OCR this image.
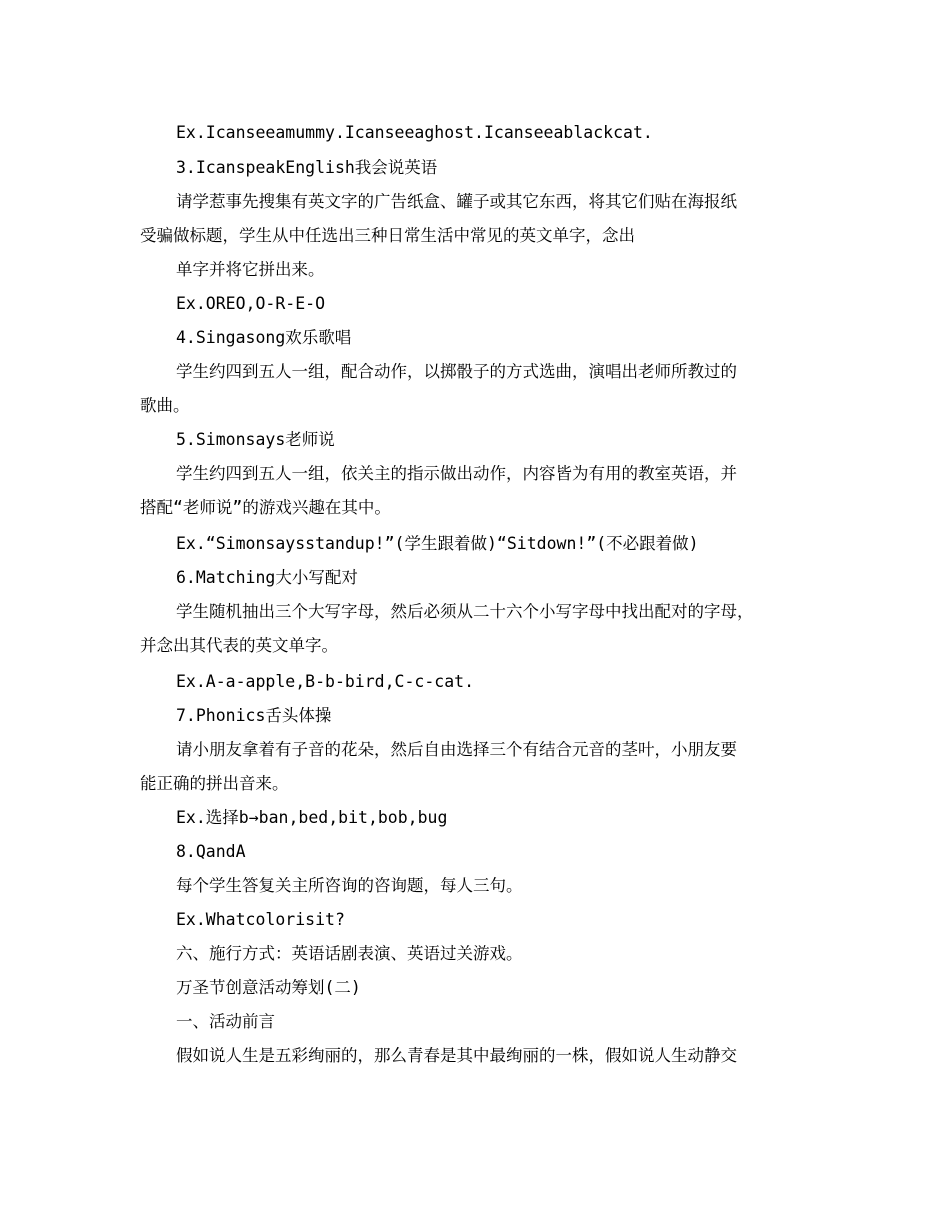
Ex.Icanseeamummy.Icanseeaghost.Icanseeablackcat.
3.IcanspeakEnglish我会说英语
请学惹事先搜集有英文字的广告纸盒、罐子或其它东西，将其它们贴在海报纸
受骗做标题，学生从中任选出三种日常生活中常见的英文单字，念出
单字并将它拼出来。
Ex.OREO,O-R-E-O
4.Singasong欢乐歌唱
学生约四到五人一组，配合动作，以掷骰子的方式选曲，演唱出老师所教过的
歌曲。
5.Simonsays老师说
学生约四到五人一组，依关主的指示做出动作，内容皆为有用的教室英语，并
搭配“老师说”的游戏兴趣在其中。
Ex.“Simonsaysstandup!”(学生跟着做)“Sitdown!”(不必跟着做)
6.Matching大小写配对
学生随机抽出三个大写字母，然后必须从二十六个小写字母中找出配对的字母，
并念出其代表的英文单字。
Ex.A-a-apple,B-b-bird,C-c-cat.
7.Phonics舌头体操
请小朋友拿着有子音的花朵，然后自由选择三个有结合元音的茎叶，小朋友要
能正确的拼出音来。
Ex.选择b→ban,bed,bit,bob,bug
8.QandA
每个学生答复关主所咨询的咨询题，每人三句。
Ex.Whatcolorisit?
六、施行方式：英语话剧表演、英语过关游戏。
万圣节创意活动筹划(二)
一、活动前言
假如说人生是五彩绚丽的，那么青春是其中最绚丽的一株，假如说人生动静交
